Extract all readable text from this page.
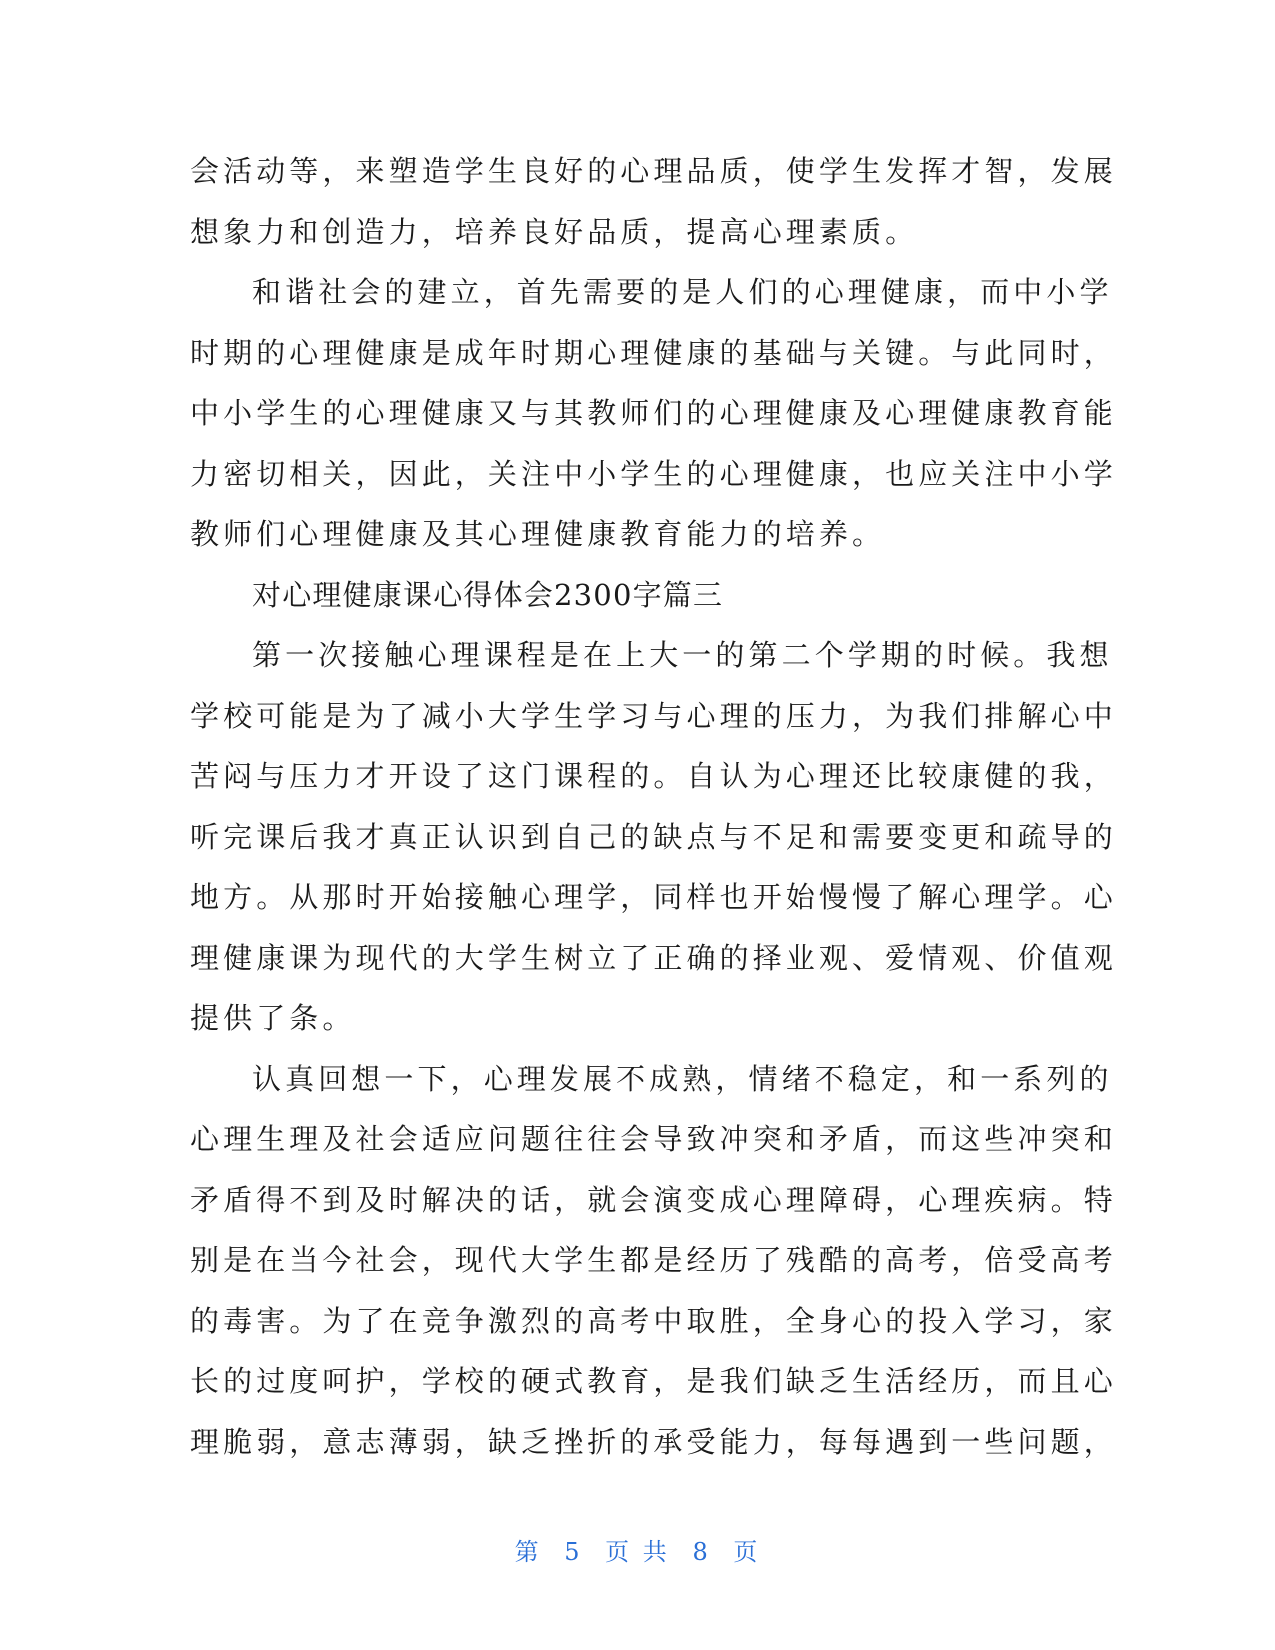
会活动等，来塑造学生良好的心理品质，使学生发挥才智，发展
想象力和创造力，培养良好品质，提高心理素质。

和谐社会的建立，首先需要的是人们的心理健康，而中小学
时期的心理健康是成年时期心理健康的基础与关键。与此同时，
中小学生的心理健康又与其教师们的心理健康及心理健康教育能
力密切相关，因此，关注中小学生的心理健康，也应关注中小学
教师们心理健康及其心理健康教育能力的培养。

对心理健康课心得体会2300字篇三

第一次接触心理课程是在上大一的第二个学期的时候。我想
学校可能是为了减小大学生学习与心理的压力，为我们排解心中
苦闷与压力才开设了这门课程的。自认为心理还比较康健的我，
听完课后我才真正认识到自己的缺点与不足和需要变更和疏导的
地方。从那时开始接触心理学，同样也开始慢慢了解心理学。心
理健康课为现代的大学生树立了正确的择业观、爱情观、价值观
提供了条。

认真回想一下，心理发展不成熟，情绪不稳定，和一系列的
心理生理及社会适应问题往往会导致冲突和矛盾，而这些冲突和
矛盾得不到及时解决的话，就会演变成心理障碍，心理疾病。特
别是在当今社会，现代大学生都是经历了残酷的高考，倍受高考
的毒害。为了在竞争激烈的高考中取胜，全身心的投入学习，家
长的过度呵护，学校的硬式教育，是我们缺乏生活经历，而且心
理脆弱，意志薄弱，缺乏挫折的承受能力，每每遇到一些问题，

第 5 页 共 8 页
